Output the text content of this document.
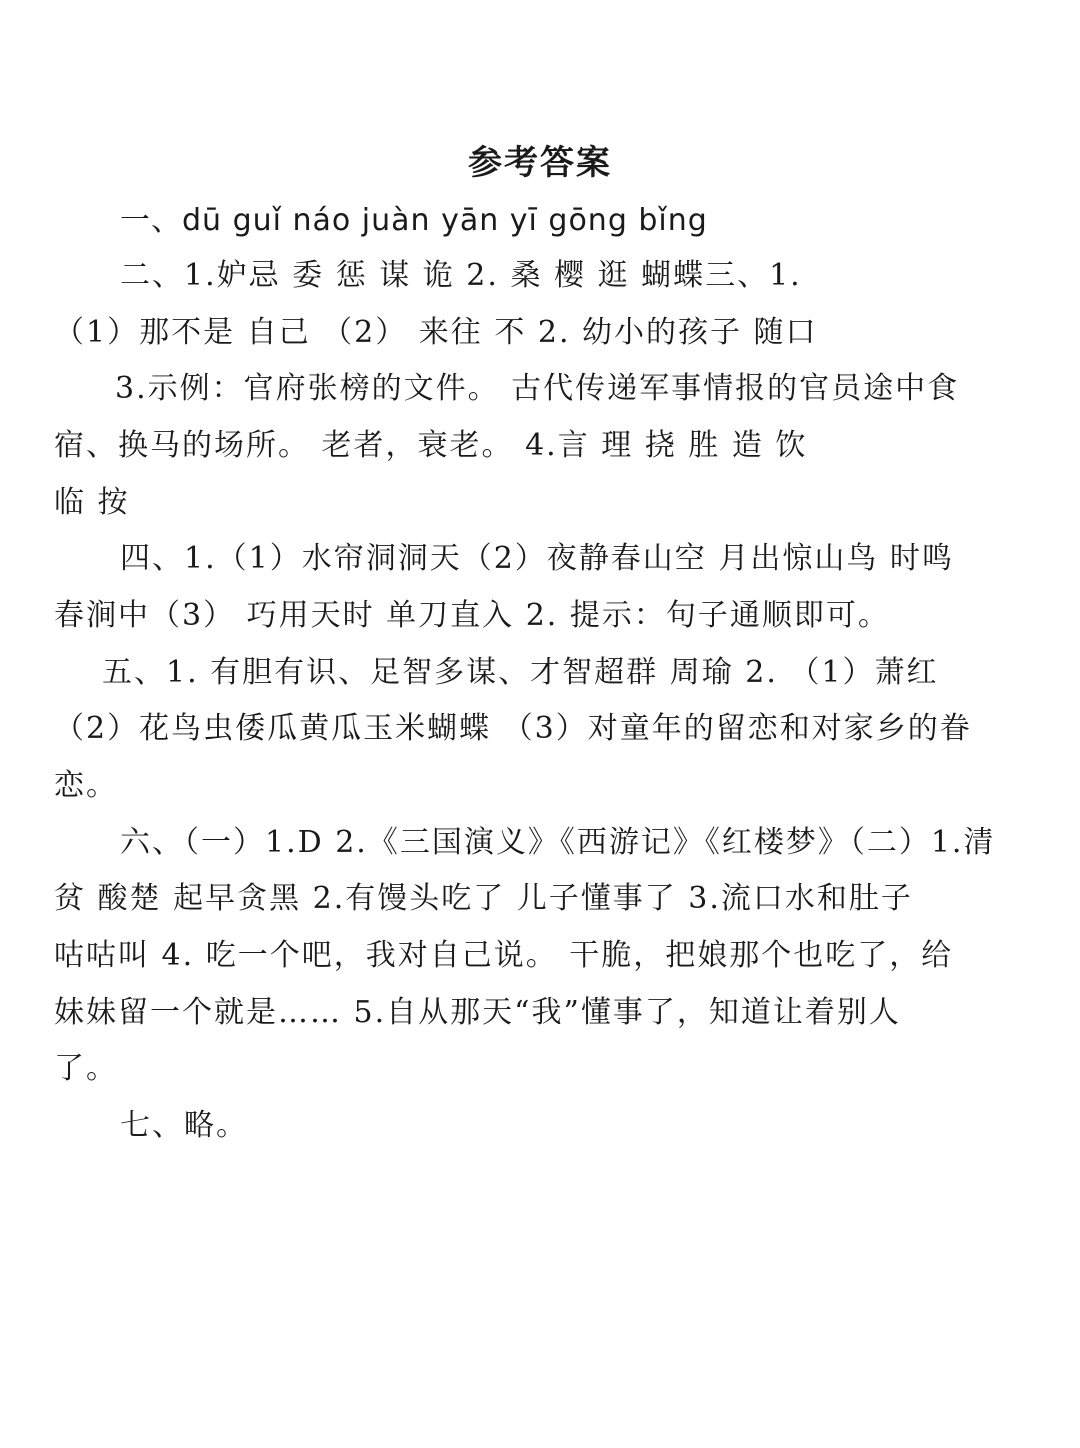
参考答案
一、dū guǐ náo juàn yān yī gōng bǐng
二、1.妒忌 委 惩 谋 诡 2. 桑 樱 逛 蝴蝶三、1.
（1）那不是 自己 （2） 来往 不 2. 幼小的孩子 随口
3.示例：官府张榜的文件。 古代传递军事情报的官员途中食
宿、换马的场所。 老者，衰老。 4.言 理 挠 胜 造 饮
临 按
四、1.（1）水帘洞洞天（2）夜静春山空 月出惊山鸟 时鸣
春涧中（3） 巧用天时 单刀直入 2. 提示：句子通顺即可。
五、1. 有胆有识、足智多谋、才智超群 周瑜 2. （1）萧红
（2）花鸟虫倭瓜黄瓜玉米蝴蝶 （3）对童年的留恋和对家乡的眷
恋。
六、（一）1.D 2.《三国演义》《西游记》《红楼梦》（二）1.清
贫 酸楚 起早贪黑 2.有馒头吃了 儿子懂事了 3.流口水和肚子
咕咕叫 4. 吃一个吧，我对自己说。 干脆，把娘那个也吃了，给
妹妹留一个就是…… 5.自从那天“我”懂事了，知道让着别人
了。
七、略。
